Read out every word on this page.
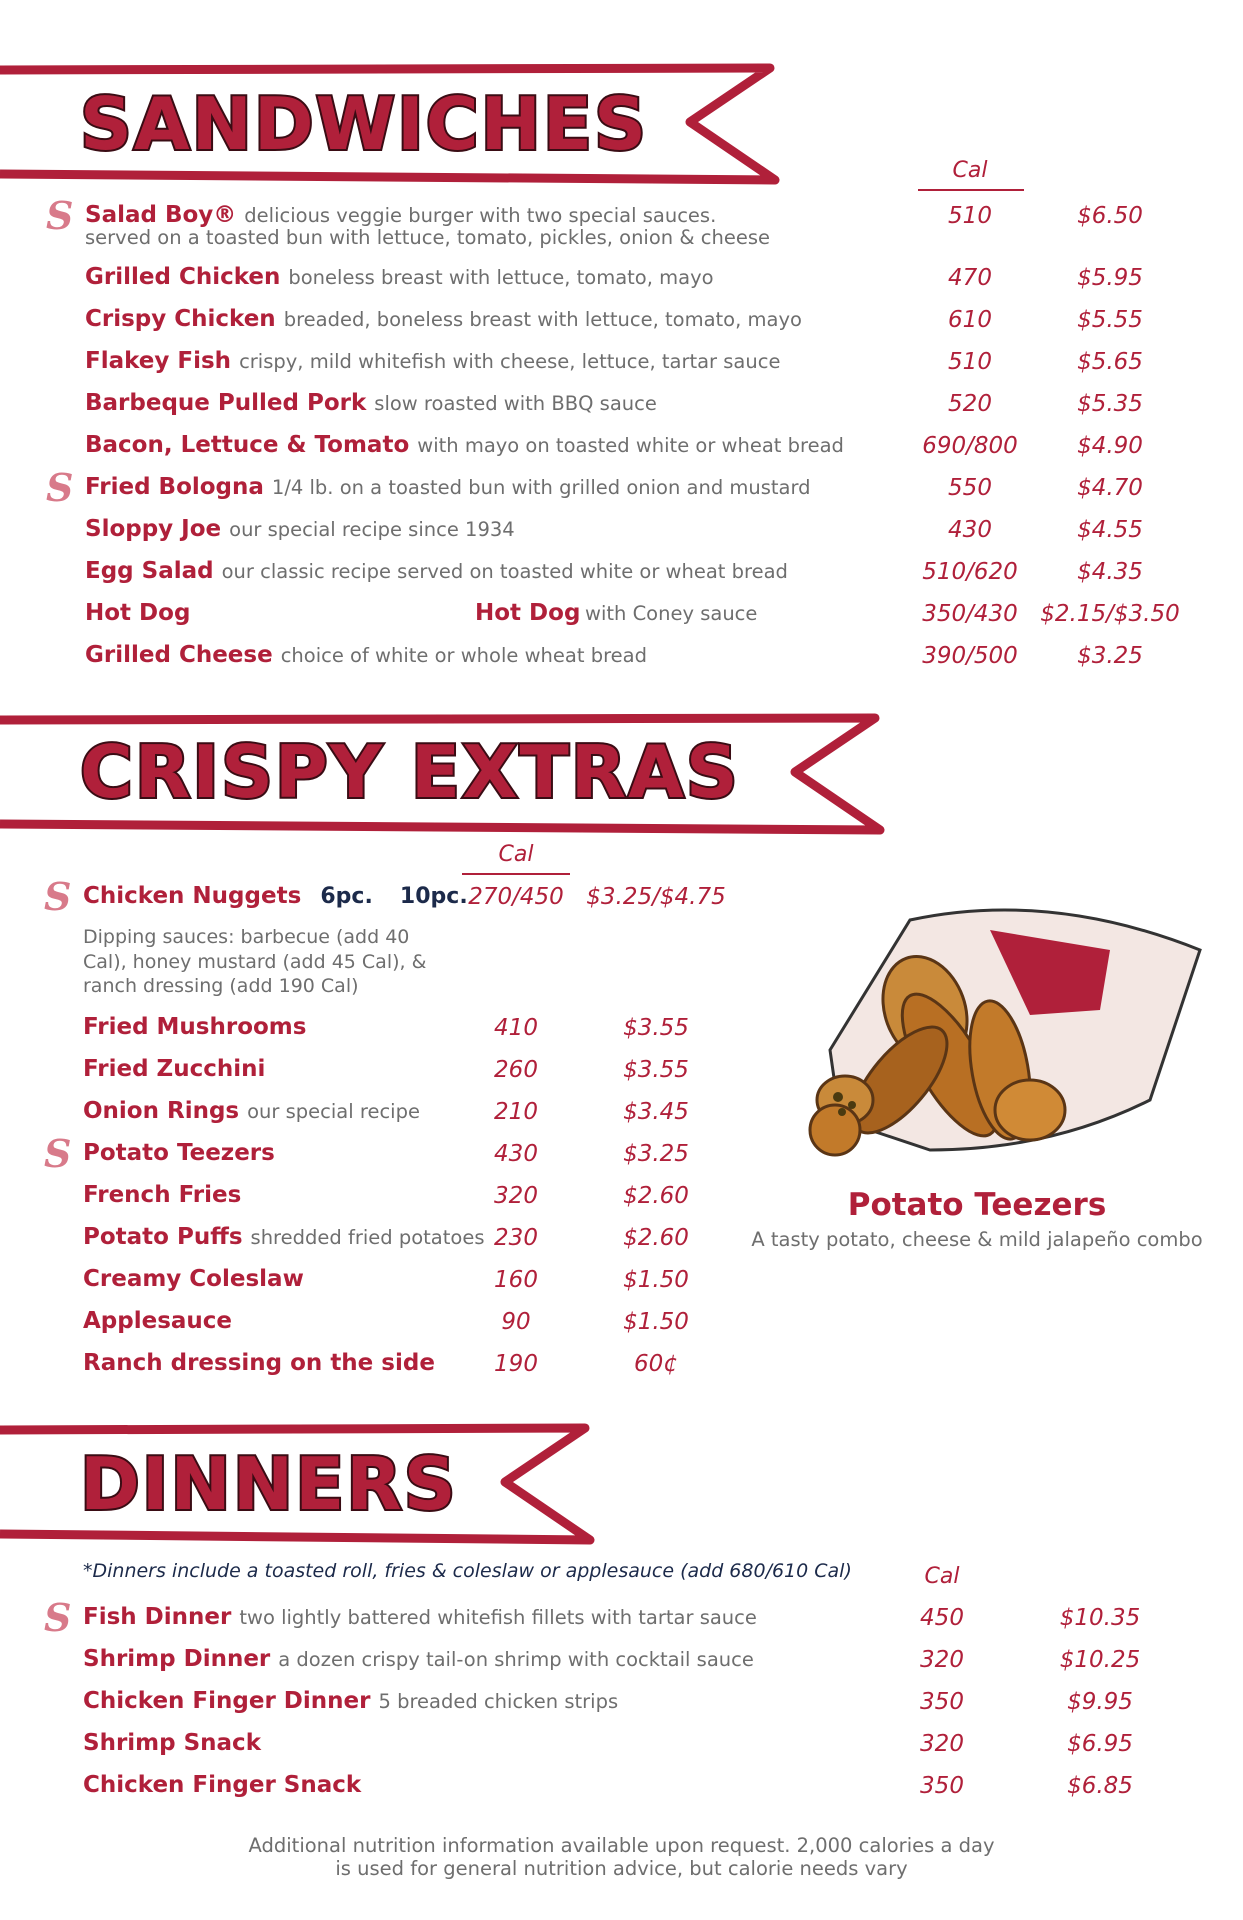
SANDWICHES
Cal
S Salad Boy® delicious veggie burger with two special sauces.
served on a toasted bun with lettuce, tomato, pickles, onion & cheese
510	$6.50
Grilled Chicken boneless breast with lettuce, tomato, mayo	470	$5.95
Crispy Chicken breaded, boneless breast with lettuce, tomato, mayo	610	$5.55
Flakey Fish crispy, mild whitefish with cheese, lettuce, tartar sauce	510	$5.65
Barbeque Pulled Pork slow roasted with BBQ sauce	520	$5.35
Bacon, Lettuce & Tomato with mayo on toasted white or wheat bread	690/800	$4.90
S Fried Bologna 1/4 lb. on a toasted bun with grilled onion and mustard	550	$4.70
Sloppy Joe our special recipe since 1934	430	$4.55
Egg Salad our classic recipe served on toasted white or wheat bread	510/620	$4.35
Hot Dog	Hot Dog with Coney sauce	350/430 $2.15/$3.50
Grilled Cheese choice of white or whole wheat bread	390/500	$3.25
CRISPY EXTRAS
Cal
S Chicken Nuggets 6pc. 10pc. 270/450 $3.25/$4.75
Dipping sauces: barbecue (add 40 Cal), honey mustard (add 45 Cal), & ranch dressing (add 190 Cal)
Fried Mushrooms	410	$3.55
Fried Zucchini	260	$3.55
Onion Rings our special recipe	210	$3.45
S Potato Teezers	430	$3.25
French Fries	320	$2.60
Potato Puffs shredded fried potatoes 230	$2.60
Creamy Coleslaw	160	$1.50
Applesauce	90	$1.50
Ranch dressing on the side	190	60¢
Potato Teezers
A tasty potato, cheese & mild jalapeño combo
DINNERS
*Dinners include a toasted roll, fries & coleslaw or applesauce (add 680/610 Cal)	Cal
S Fish Dinner two lightly battered whitefish fillets with tartar sauce	450	$10.35
Shrimp Dinner a dozen crispy tail-on shrimp with cocktail sauce	320	$10.25
Chicken Finger Dinner 5 breaded chicken strips	350	$9.95
Shrimp Snack	320	$6.95
Chicken Finger Snack	350	$6.85
Additional nutrition information available upon request. 2,000 calories a day
is used for general nutrition advice, but calorie needs vary
